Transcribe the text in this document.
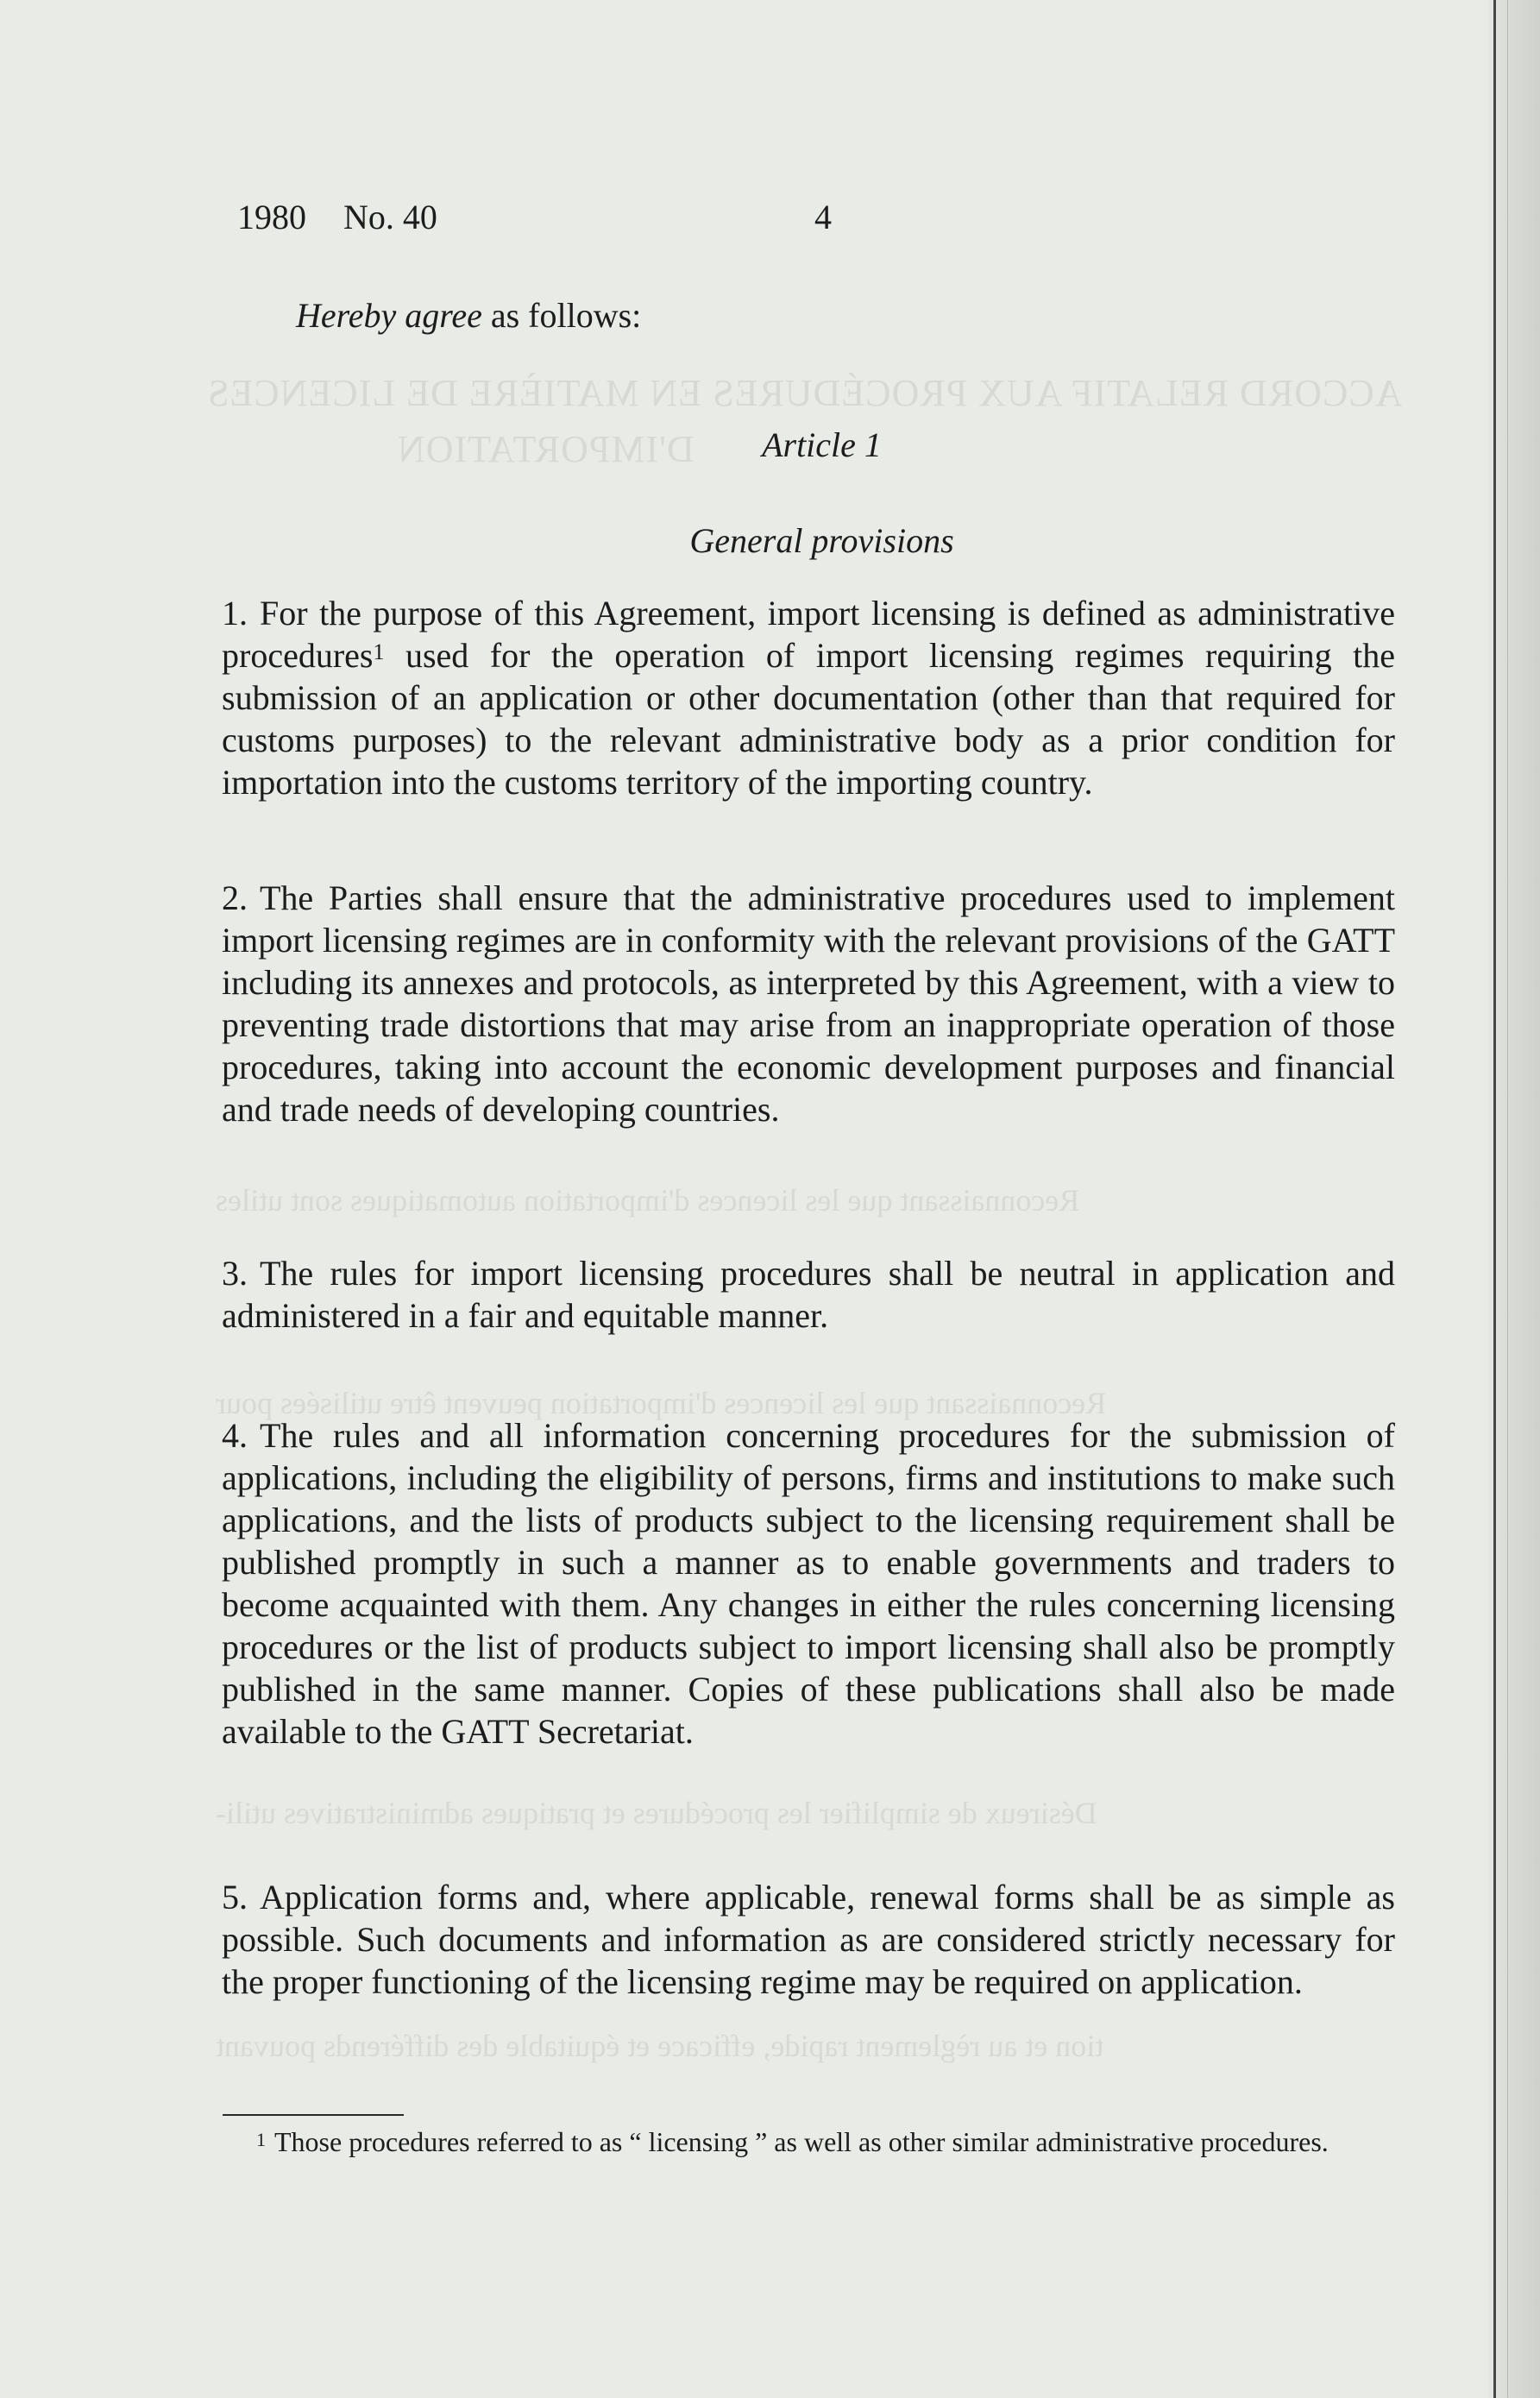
ACCORD RELATIF AUX PROCÉDURES EN MATIÈRE DE LICENCES
D'IMPORTATION
Reconnaissant que les licences d'importation automatiques sont utiles
Reconnaissant que les licences d'importation peuvent être utilisées pour
Désireux de simplifier les procédures et pratiques administratives utili-
tion et au règlement rapide, efficace et équitable des différends pouvant
1980 No. 40	4
Hereby agree as follows:
Article 1
General provisions

1. For the purpose of this Agreement, import licensing is defined as administrative procedures$^1$ used for the operation of import licensing regimes requiring the submission of an application or other documentation (other than that required for customs purposes) to the relevant administrative body as a prior condition for importation into the customs territory of the importing country.

2. The Parties shall ensure that the administrative procedures used to implement import licensing regimes are in conformity with the relevant provisions of the GATT including its annexes and protocols, as interpreted by this Agreement, with a view to preventing trade distortions that may arise from an inappropriate operation of those procedures, taking into account the economic development purposes and financial and trade needs of developing countries.

3. The rules for import licensing procedures shall be neutral in application and administered in a fair and equitable manner.

4. The rules and all information concerning procedures for the submission of applications, including the eligibility of persons, firms and institutions to make such applications, and the lists of products subject to the licensing requirement shall be published promptly in such a manner as to enable governments and traders to become acquainted with them. Any changes in either the rules concerning licensing procedures or the list of products subject to import licensing shall also be promptly published in the same manner. Copies of these publications shall also be made available to the GATT Secretariat.

5. Application forms and, where applicable, renewal forms shall be as simple as possible. Such documents and information as are considered strictly necessary for the proper functioning of the licensing regime may be required on application.

$^1$ Those procedures referred to as “ licensing ” as well as other similar administrative procedures.
